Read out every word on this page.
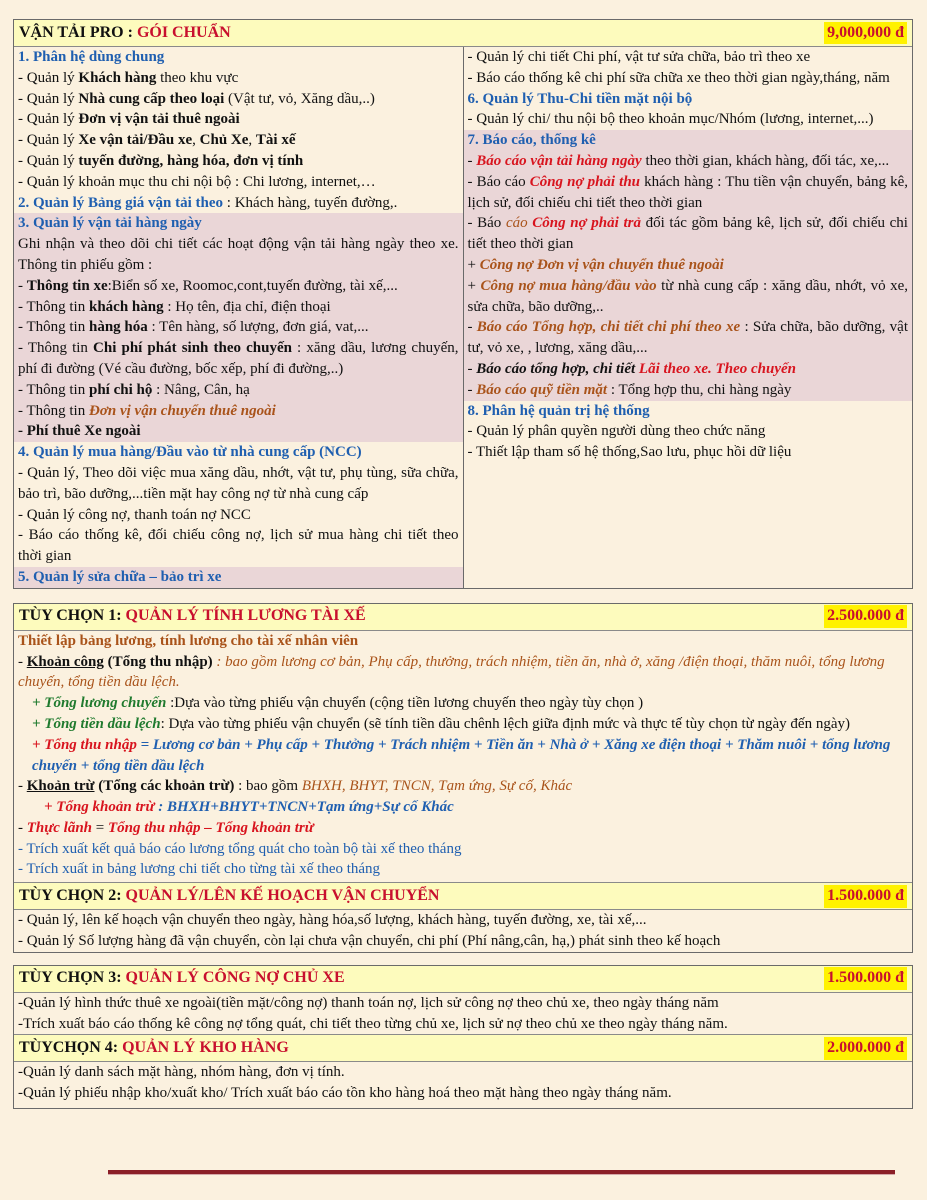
VẬN TẢI PRO : GÓI CHUẨN	9,000,000 đ
1. Phân hệ dùng chung
- Quản lý Khách hàng theo khu vực
- Quản lý Nhà cung cấp theo loại (Vật tư, vỏ, Xăng dầu,..)
- Quản lý Đơn vị vận tải thuê ngoài
- Quản lý Xe vận tải/Đầu xe, Chủ Xe, Tài xế
- Quản lý tuyến đường, hàng hóa, đơn vị tính
- Quản lý khoản mục thu chi nội bộ : Chi lương, internet,…
2. Quản lý Bảng giá vận tải theo : Khách hàng, tuyến đường,.
3. Quản lý vận tải hàng ngày
Ghi nhận và theo dõi chi tiết các hoạt động vận tải hàng ngày theo xe. Thông tin phiếu gồm :
- Thông tin xe:Biển số xe, Roomoc,cont,tuyến đường, tài xế,...
- Thông tin khách hàng : Họ tên, địa chỉ, điện thoại
- Thông tin hàng hóa : Tên hàng, số lượng, đơn giá, vat,...
- Thông tin Chi phí phát sinh theo chuyến : xăng dầu, lương chuyến, phí đi đường (Vé cầu đường, bốc xếp, phí đi đường,..)
- Thông tin phí chi hộ : Nâng, Cân, hạ
- Thông tin Đơn vị vận chuyển thuê ngoài
- Phí thuê Xe ngoài
4. Quản lý mua hàng/Đầu vào từ nhà cung cấp (NCC)
- Quản lý, Theo dõi việc mua xăng dầu, nhớt, vật tư, phụ tùng, sữa chữa, bảo trì, bão dưỡng,...tiền mặt hay công nợ từ nhà cung cấp
- Quản lý công nợ, thanh toán nợ NCC
- Báo cáo thống kê, đối chiếu công nợ, lịch sử mua hàng chi tiết theo thời gian
5. Quản lý sửa chữa – bảo trì xe
- Quản lý chi tiết Chi phí, vật tư sửa chữa, bảo trì theo xe
- Báo cáo thống kê chi phí sữa chữa xe theo thời gian ngày,tháng, năm
6. Quản lý Thu-Chi tiền mặt nội bộ
- Quản lý chi/ thu nội bộ theo khoản mục/Nhóm (lương, internet,...)
7. Báo cáo, thống kê
- Báo cáo vận tải hàng ngày theo thời gian, khách hàng, đối tác, xe,...
- Báo cáo Công nợ phải thu khách hàng : Thu tiền vận chuyển, bảng kê, lịch sử, đối chiếu chi tiết theo thời gian
- Báo cáo Công nợ phải trả đối tác gồm bảng kê, lịch sử, đối chiếu chi tiết theo thời gian
+ Công nợ Đơn vị vận chuyển thuê ngoài
+ Công nợ mua hàng/đầu vào từ nhà cung cấp : xăng dầu, nhớt, vỏ xe, sửa chữa, bão dưỡng,..
- Báo cáo Tổng hợp, chi tiết chi phí theo xe : Sửa chữa, bão dưỡng, vật tư, vỏ xe, , lương, xăng dầu,...
- Báo cáo tổng hợp, chi tiết Lãi theo xe. Theo chuyến
- Báo cáo quỹ tiền mặt : Tổng hợp thu, chi hàng ngày
8. Phân hệ quản trị hệ thống
- Quản lý phân quyền người dùng theo chức năng
- Thiết lập tham số hệ thống,Sao lưu, phục hồi dữ liệu
TÙY CHỌN 1: QUẢN LÝ TÍNH LƯƠNG TÀI XẾ	2.500.000 đ
Thiết lập bảng lương, tính lương cho tài xế nhân viên
- Khoản công (Tổng thu nhập) : bao gồm lương cơ bản, Phụ cấp, thưởng, trách nhiệm, tiền ăn, nhà ở, xăng /điện thoại, thăm nuôi, tổng lương chuyến, tổng tiền dầu lệch.
+ Tổng lương chuyến :Dựa vào từng phiếu vận chuyển (cộng tiền lương chuyến theo ngày tùy chọn )
+ Tổng tiền dầu lệch: Dựa vào từng phiếu vận chuyển (sẽ tính tiền dầu chênh lệch giữa định mức và thực tế tùy chọn từ ngày đến ngày)
+ Tổng thu nhập = Lương cơ bản + Phụ cấp + Thưởng + Trách nhiệm + Tiền ăn + Nhà ở + Xăng xe điện thoại + Thăm nuôi + tổng lương chuyến + tổng tiền dầu lệch
- Khoản trừ (Tổng các khoản trừ) : bao gồm BHXH, BHYT, TNCN, Tạm ứng, Sự cố, Khác
+ Tổng khoản trừ : BHXH+BHYT+TNCN+Tạm ứng+Sự cố Khác
- Thực lãnh = Tổng thu nhập – Tổng khoản trừ
- Trích xuất kết quả báo cáo lương tổng quát cho toàn bộ tài xế theo tháng
- Trích xuất in bảng lương chi tiết cho từng tài xế theo tháng
TÙY CHỌN 2: QUẢN LÝ/LÊN KẾ HOẠCH VẬN CHUYỂN	1.500.000 đ
- Quản lý, lên kế hoạch vận chuyển theo ngày, hàng hóa,số lượng, khách hàng, tuyến đường, xe, tài xế,...
- Quản lý Số lượng hàng đã vận chuyển, còn lại chưa vận chuyển, chi phí (Phí nâng,cân, hạ,) phát sinh theo kế hoạch
TÙY CHỌN 3: QUẢN LÝ CÔNG NỢ CHỦ XE	1.500.000 đ
-Quản lý hình thức thuê xe ngoài(tiền mặt/công nợ) thanh toán nợ, lịch sử công nợ theo chủ xe, theo ngày tháng năm
-Trích xuất báo cáo thống kê công nợ tổng quát, chi tiết theo từng chủ xe, lịch sử nợ theo chủ xe theo ngày tháng năm.
TÙYCHỌN 4: QUẢN LÝ KHO HÀNG	2.000.000 đ
-Quản lý danh sách mặt hàng, nhóm hàng, đơn vị tính.
-Quản lý phiếu nhập kho/xuất kho/ Trích xuất báo cáo tồn kho hàng hoá theo mặt hàng theo ngày tháng năm.
